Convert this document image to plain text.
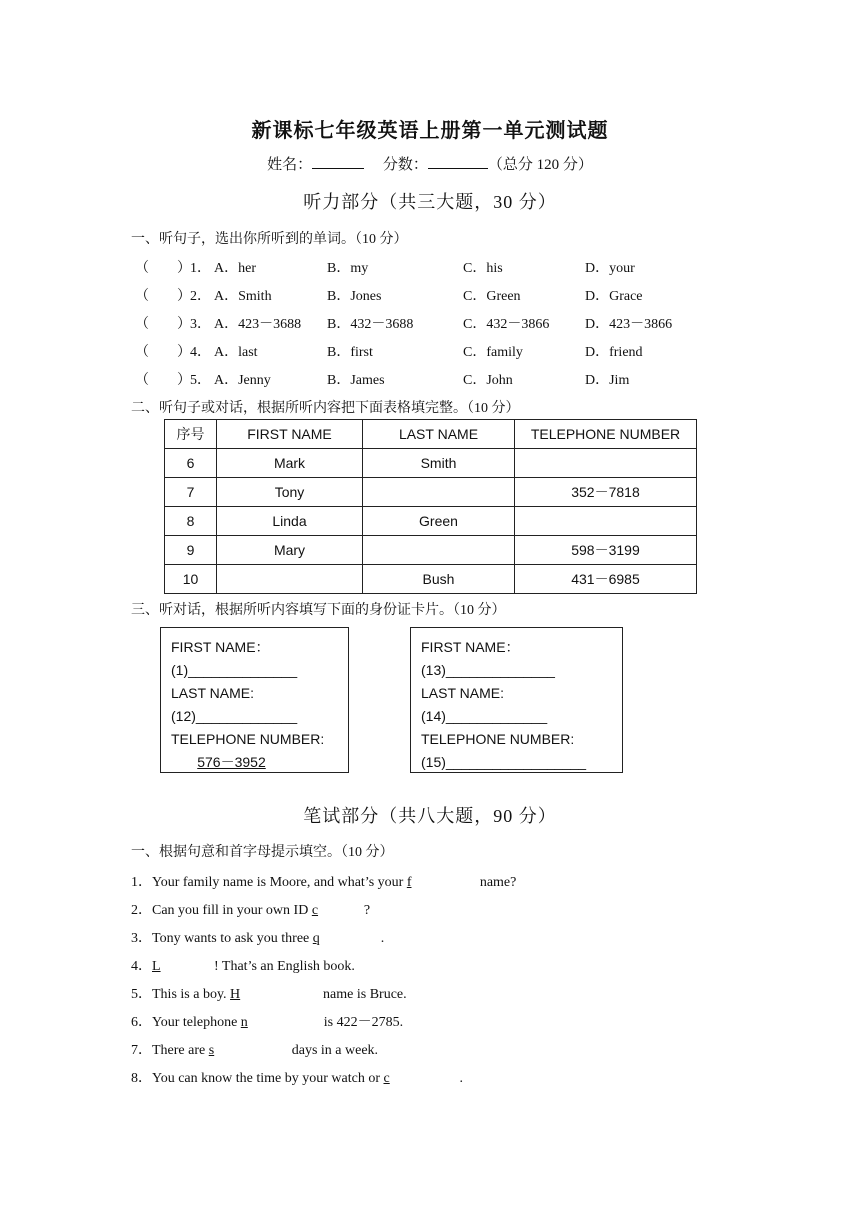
新课标七年级英语上册第一单元测试题
姓名：	分数：	（总分 120 分）
听力部分（共三大题，30 分）
一、听句子，选出你所听到的单词。（10 分）
（　　） 1． A．her	B．my	C．his	D．your
（　　） 2． A．Smith	B．Jones	C．Green	D．Grace
（　　） 3． A．423－3688 B．432－3688	C．432－3866	D．423－3866
（　　） 4． A．last	B．first	C．family	D．friend
（　　） 5． A．Jenny	B．James	C．John	D．Jim
二、听句子或对话，根据所听内容把下面表格填完整。（10 分）
序号	FIRST NAME	LAST NAME	TELEPHONE NUMBER
6	Mark	Smith	
7	Tony		352－7818
8	Linda	Green	
9	Mary		598－3199
10		Bush	431－6985
三、听对话，根据所听内容填写下面的身份证卡片。（10 分）
FIRST NAME：
(1)______________
LAST NAME:
(12)_____________
TELEPHONE NUMBER:
576－3952
FIRST NAME：
(13)______________
LAST NAME:
(14)_____________
TELEPHONE NUMBER:
(15)__________________
笔试部分（共八大题，90 分）
一、根据句意和首字母提示填空。（10 分）
1．Your family name is Moore, and what’s your f	name?
2．Can you fill in your own ID c	?
3．Tony wants to ask you three q	.
4．L	! That’s an English book.
5．This is a boy. H	name is Bruce.
6．Your telephone n	is 422－2785.
7．There are s	days in a week.
8．You can know the time by your watch or c	.
